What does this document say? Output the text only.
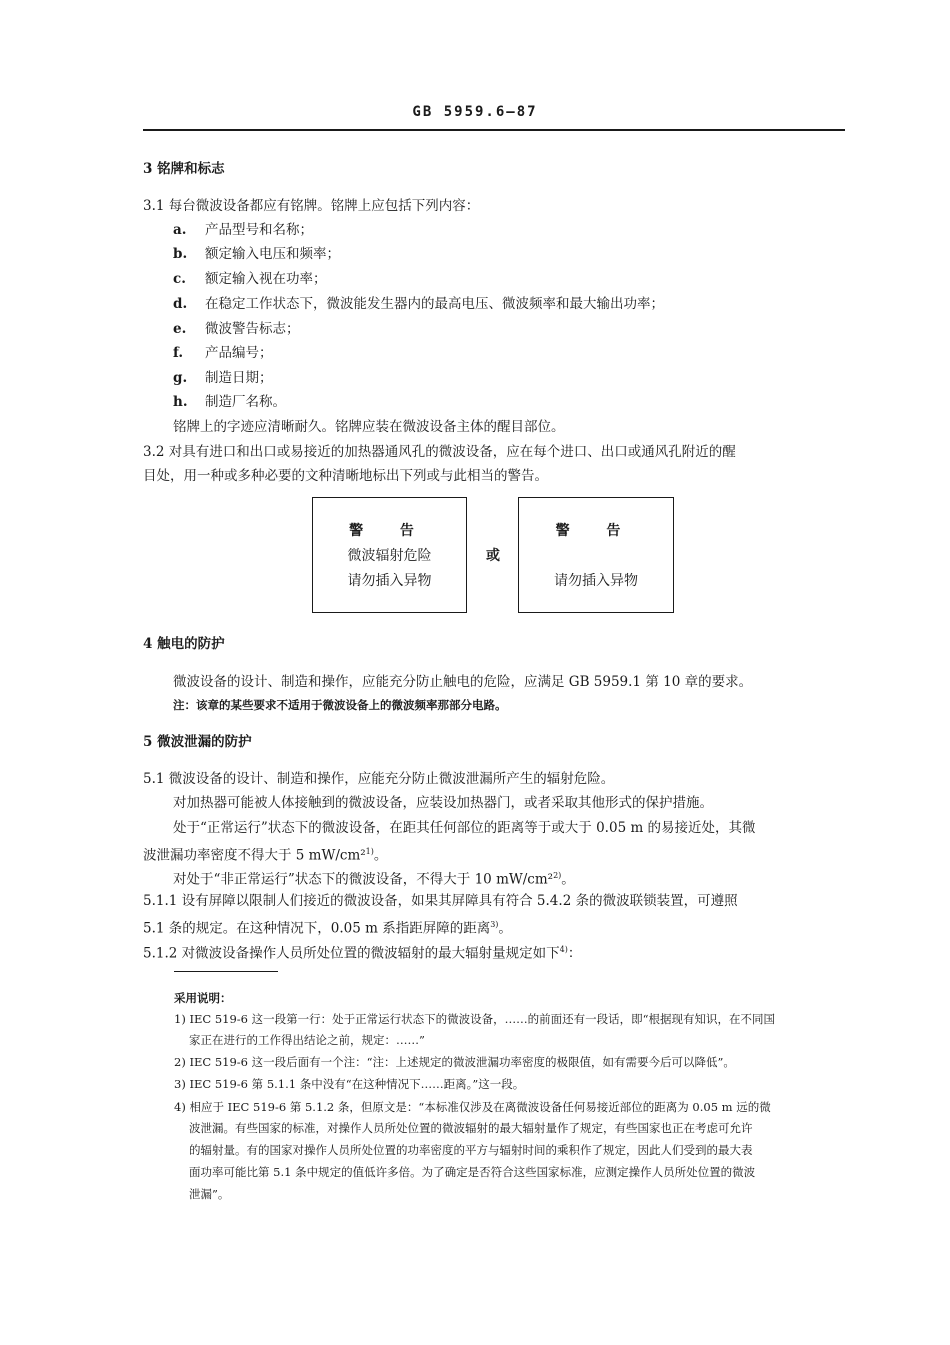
GB 5959.6—87
3 铭牌和标志
3.1 每台微波设备都应有铭牌。铭牌上应包括下列内容：
a. 产品型号和名称；
b. 额定输入电压和频率；
c. 额定输入视在功率；
d. 在稳定工作状态下，微波能发生器内的最高电压、微波频率和最大输出功率；
e. 微波警告标志；
f. 产品编号；
g. 制造日期；
h. 制造厂名称。
铭牌上的字迹应清晰耐久。铭牌应装在微波设备主体的醒目部位。
3.2 对具有进口和出口或易接近的加热器通风孔的微波设备，应在每个进口、出口或通风孔附近的醒
目处，用一种或多种必要的文种清晰地标出下列或与此相当的警告。
警 告
微波辐射危险
请勿插入异物
或
警 告
请勿插入异物
4 触电的防护
微波设备的设计、制造和操作，应能充分防止触电的危险，应满足 GB 5959.1 第 10 章的要求。
注：该章的某些要求不适用于微波设备上的微波频率那部分电路。
5 微波泄漏的防护
5.1 微波设备的设计、制造和操作，应能充分防止微波泄漏所产生的辐射危险。
对加热器可能被人体接触到的微波设备，应装设加热器门，或者采取其他形式的保护措施。
处于“正常运行”状态下的微波设备，在距其任何部位的距离等于或大于 0.05 m 的易接近处，其微
波泄漏功率密度不得大于 5 mW/cm²$^{1)}$。
对处于“非正常运行”状态下的微波设备，不得大于 10 mW/cm²$^{2)}$。
5.1.1 设有屏障以限制人们接近的微波设备，如果其屏障具有符合 5.4.2 条的微波联锁装置，可遵照
5.1 条的规定。在这种情况下，0.05 m 系指距屏障的距离$^{3)}$。
5.1.2 对微波设备操作人员所处位置的微波辐射的最大辐射量规定如下$^{4)}$：
采用说明：
1) IEC 519-6 这一段第一行：处于正常运行状态下的微波设备，……的前面还有一段话，即“根据现有知识，在不同国
家正在进行的工作得出结论之前，规定：……”
2) IEC 519-6 这一段后面有一个注：“注：上述规定的微波泄漏功率密度的极限值，如有需要今后可以降低”。
3) IEC 519-6 第 5.1.1 条中没有“在这种情况下……距离。”这一段。
4) 相应于 IEC 519-6 第 5.1.2 条，但原文是：“本标准仅涉及在离微波设备任何易接近部位的距离为 0.05 m 远的微
波泄漏。有些国家的标准，对操作人员所处位置的微波辐射的最大辐射量作了规定，有些国家也正在考虑可允许
的辐射量。有的国家对操作人员所处位置的功率密度的平方与辐射时间的乘积作了规定，因此人们受到的最大表
面功率可能比第 5.1 条中规定的值低许多倍。为了确定是否符合这些国家标准，应测定操作人员所处位置的微波
泄漏”。
